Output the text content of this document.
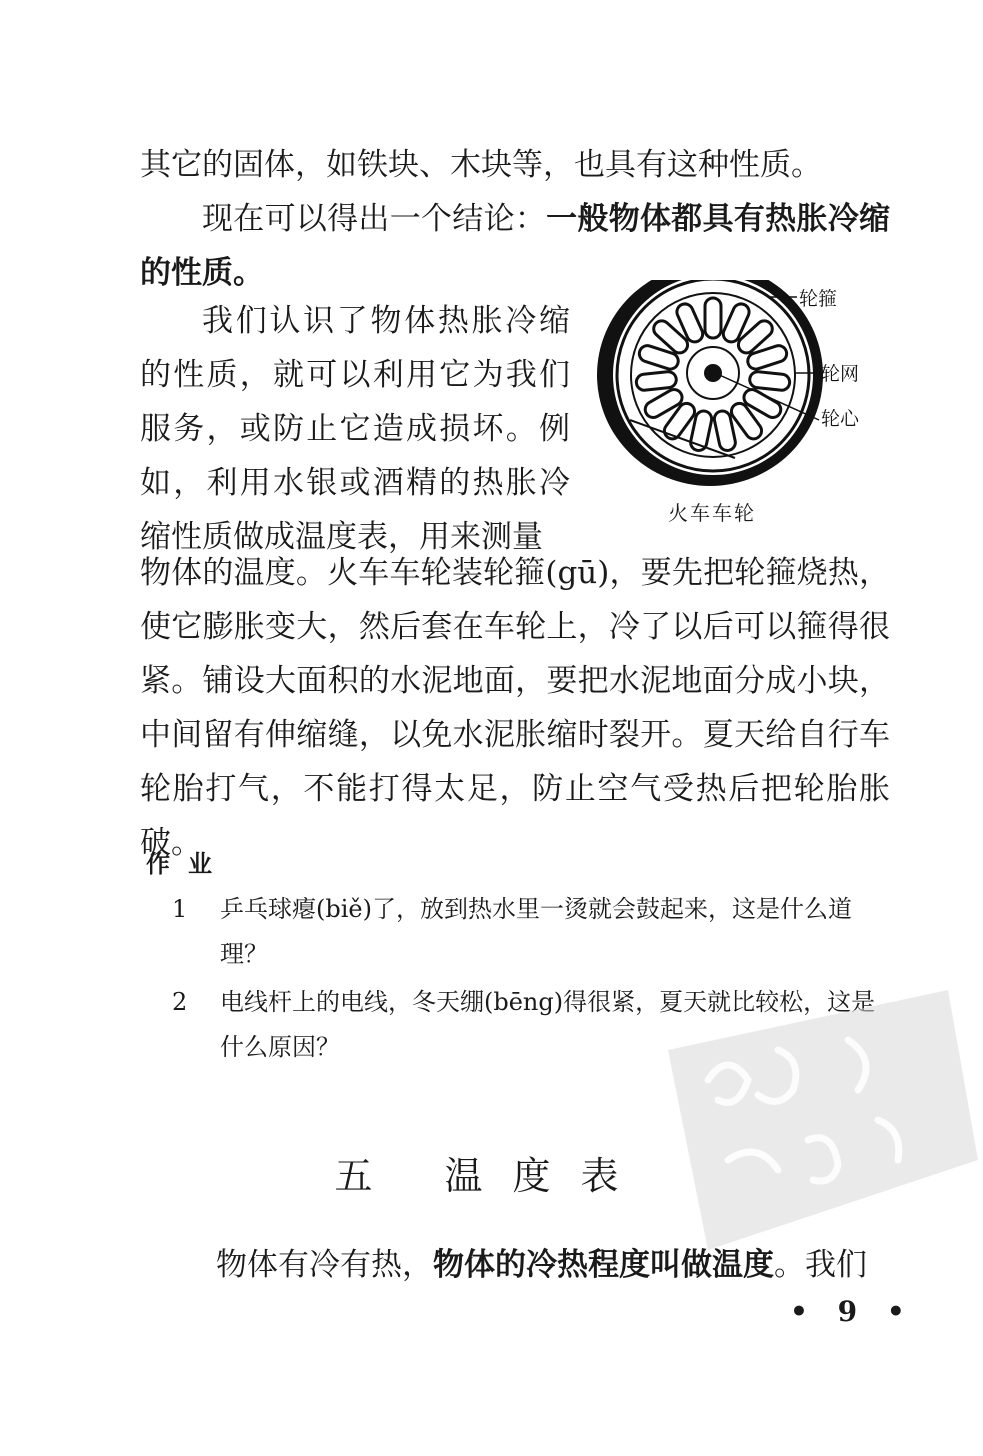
其它的固体，如铁块、木块等，也具有这种性质。

现在可以得出一个结论：一般物体都具有热胀冷缩的性质。

我们认识了物体热胀冷缩的性质，就可以利用它为我们服务，或防止它造成损坏。例如，利用水银或酒精的热胀冷缩性质做成温度表，用来测量

物体的温度。火车车轮装轮箍(gū)，要先把轮箍烧热，使它膨胀变大，然后套在车轮上，冷了以后可以箍得很紧。铺设大面积的水泥地面，要把水泥地面分成小块，中间留有伸缩缝，以免水泥胀缩时裂开。夏天给自行车轮胎打气，不能打得太足，防止空气受热后把轮胎胀破。

轮箍
轮网
轮心
火车车轮
作业

1	乒乓球瘪(biě)了，放到热水里一烫就会鼓起来，这是什么道理？

2	电线杆上的电线，冬天绷(bēng)得很紧，夏天就比较松，这是什么原因？

五 温度表

物体有冷有热，物体的冷热程度叫做温度。我们

• 9 •
